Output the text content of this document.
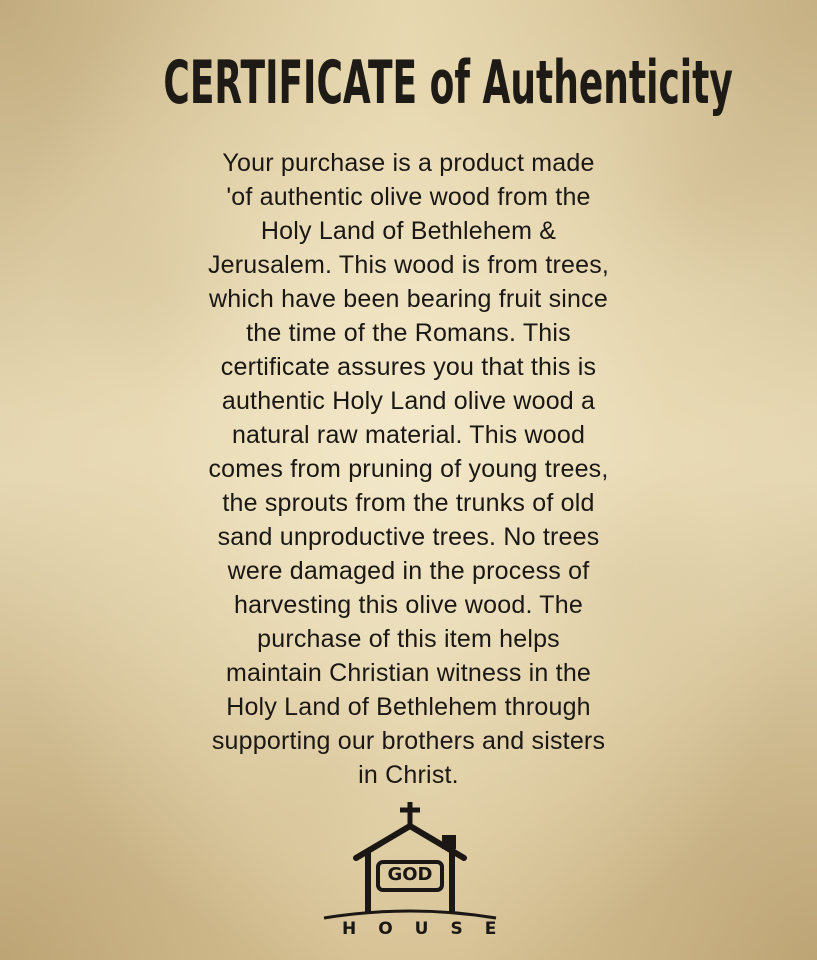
CERTIFICATE of Authenticity
Your purchase is a product made
'of authentic olive wood from the
Holy Land of Bethlehem &
Jerusalem. This wood is from trees,
which have been bearing fruit since
the time of the Romans. This
certificate assures you that this is
authentic Holy Land olive wood a
natural raw material. This wood
comes from pruning of young trees,
the sprouts from the trunks of old
sand unproductive trees. No trees
were damaged in the process of
harvesting this olive wood. The
purchase of this item helps
maintain Christian witness in the
Holy Land of Bethlehem through
supporting our brothers and sisters
in Christ.
GOD
HOUSE
